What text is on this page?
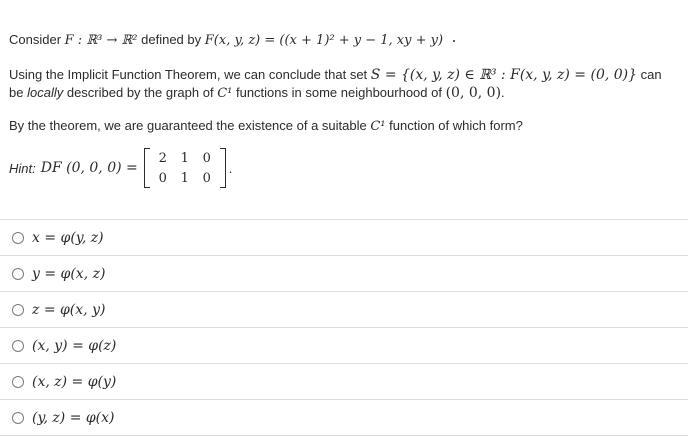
Consider F : ℝ³ → ℝ² defined by F(x, y, z) = ((x + 1)² + y − 1, xy + y)
Using the Implicit Function Theorem, we can conclude that set S = {(x, y, z) ∈ ℝ³ : F(x, y, z) = (0, 0)} can
be locally described by the graph of C¹ functions in some neighbourhood of (0, 0, 0).
By the theorem, we are guaranteed the existence of a suitable C¹ function of which form?
Hint: DF (0, 0, 0) =
2 1 0
0 1 0
.
x = φ(y, z)
y = φ(x, z)
z = φ(x, y)
(x, y) = φ(z)
(x, z) = φ(y)
(y, z) = φ(x)
